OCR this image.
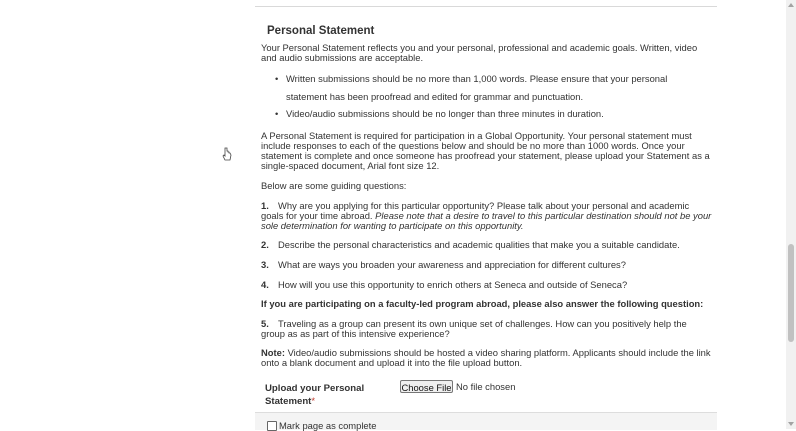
Personal Statement

Your Personal Statement reflects you and your personal, professional and academic goals. Written, video and audio submissions are acceptable.

• Written submissions should be no more than 1,000 words. Please ensure that your personal statement has been proofread and edited for grammar and punctuation.
• Video/audio submissions should be no longer than three minutes in duration.

A Personal Statement is required for participation in a Global Opportunity. Your personal statement must include responses to each of the questions below and should be no more than 1000 words. Once your statement is complete and once someone has proofread your statement, please upload your Statement as a single-spaced document, Arial font size 12.

Below are some guiding questions:

1. Why are you applying for this particular opportunity? Please talk about your personal and academic goals for your time abroad. Please note that a desire to travel to this particular destination should not be your sole determination for wanting to participate on this opportunity.

2. Describe the personal characteristics and academic qualities that make you a suitable candidate.

3. What are ways you broaden your awareness and appreciation for different cultures?

4. How will you use this opportunity to enrich others at Seneca and outside of Seneca?

If you are participating on a faculty-led program abroad, please also answer the following question:

5. Traveling as a group can present its own unique set of challenges. How can you positively help the group as as part of this intensive experience?

Note: Video/audio submissions should be hosted a video sharing platform. Applicants should include the link onto a blank document and upload it into the file upload button.

Upload your Personal Statement*
Choose File No file chosen
Mark page as complete
